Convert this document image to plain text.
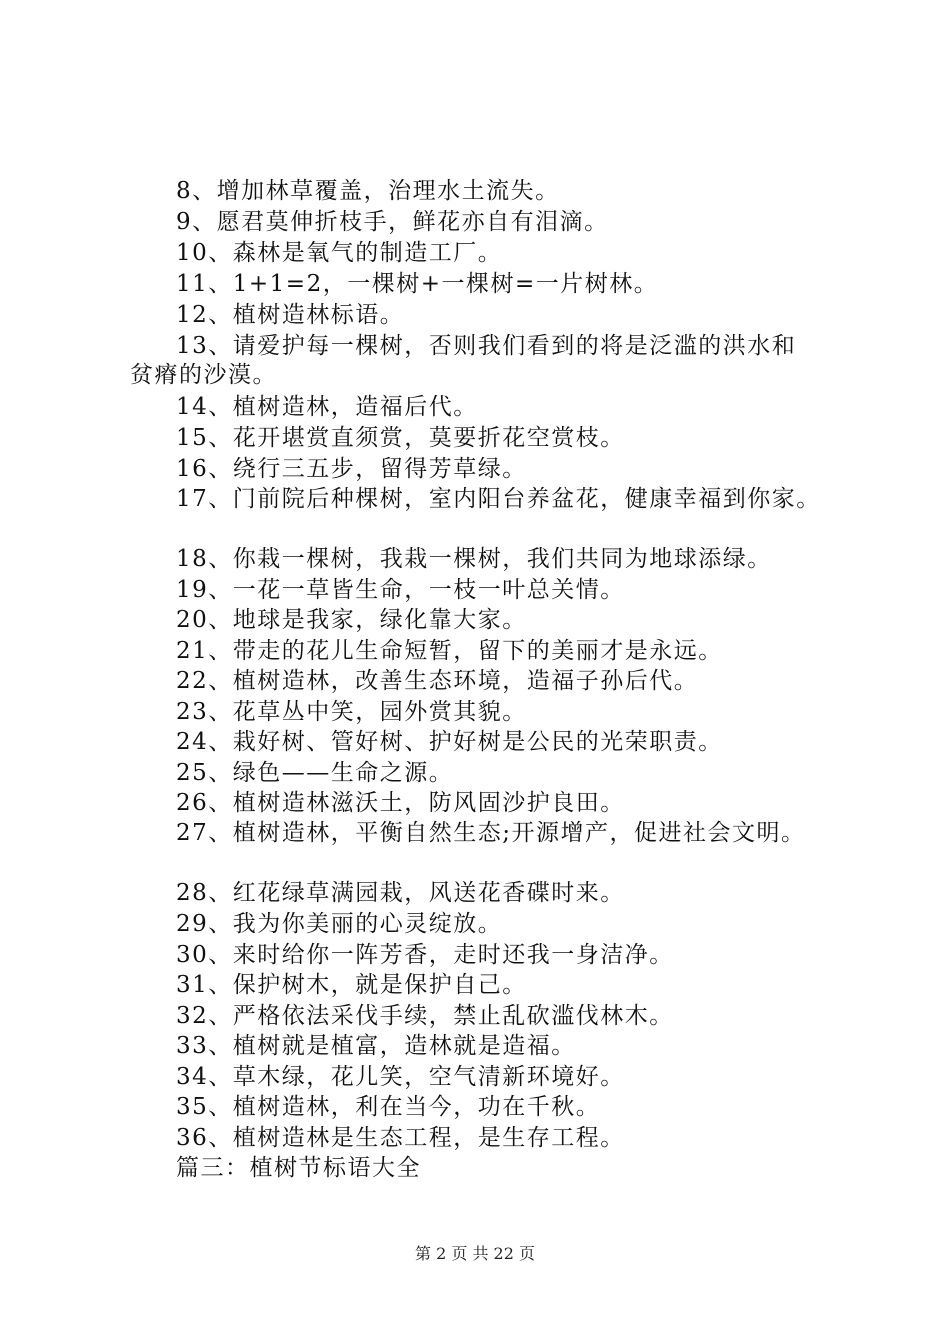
8、增加林草覆盖，治理水土流失。
9、愿君莫伸折枝手，鲜花亦自有泪滴。
10、森林是氧气的制造工厂。
11、1+1=2，一棵树+一棵树=一片树林。
12、植树造林标语。
13、请爱护每一棵树，否则我们看到的将是泛滥的洪水和
贫瘠的沙漠。
14、植树造林，造福后代。
15、花开堪赏直须赏，莫要折花空赏枝。
16、绕行三五步，留得芳草绿。
17、门前院后种棵树，室内阳台养盆花，健康幸福到你家。
18、你栽一棵树，我栽一棵树，我们共同为地球添绿。
19、一花一草皆生命，一枝一叶总关情。
20、地球是我家，绿化靠大家。
21、带走的花儿生命短暂，留下的美丽才是永远。
22、植树造林，改善生态环境，造福子孙后代。
23、花草丛中笑，园外赏其貌。
24、栽好树、管好树、护好树是公民的光荣职责。
25、绿色——生命之源。
26、植树造林滋沃土，防风固沙护良田。
27、植树造林，平衡自然生态;开源增产，促进社会文明。
28、红花绿草满园栽，风送花香碟时来。
29、我为你美丽的心灵绽放。
30、来时给你一阵芳香，走时还我一身洁净。
31、保护树木，就是保护自己。
32、严格依法采伐手续，禁止乱砍滥伐林木。
33、植树就是植富，造林就是造福。
34、草木绿，花儿笑，空气清新环境好。
35、植树造林，利在当今，功在千秋。
36、植树造林是生态工程，是生存工程。
篇三：植树节标语大全
第 2 页 共 22 页
